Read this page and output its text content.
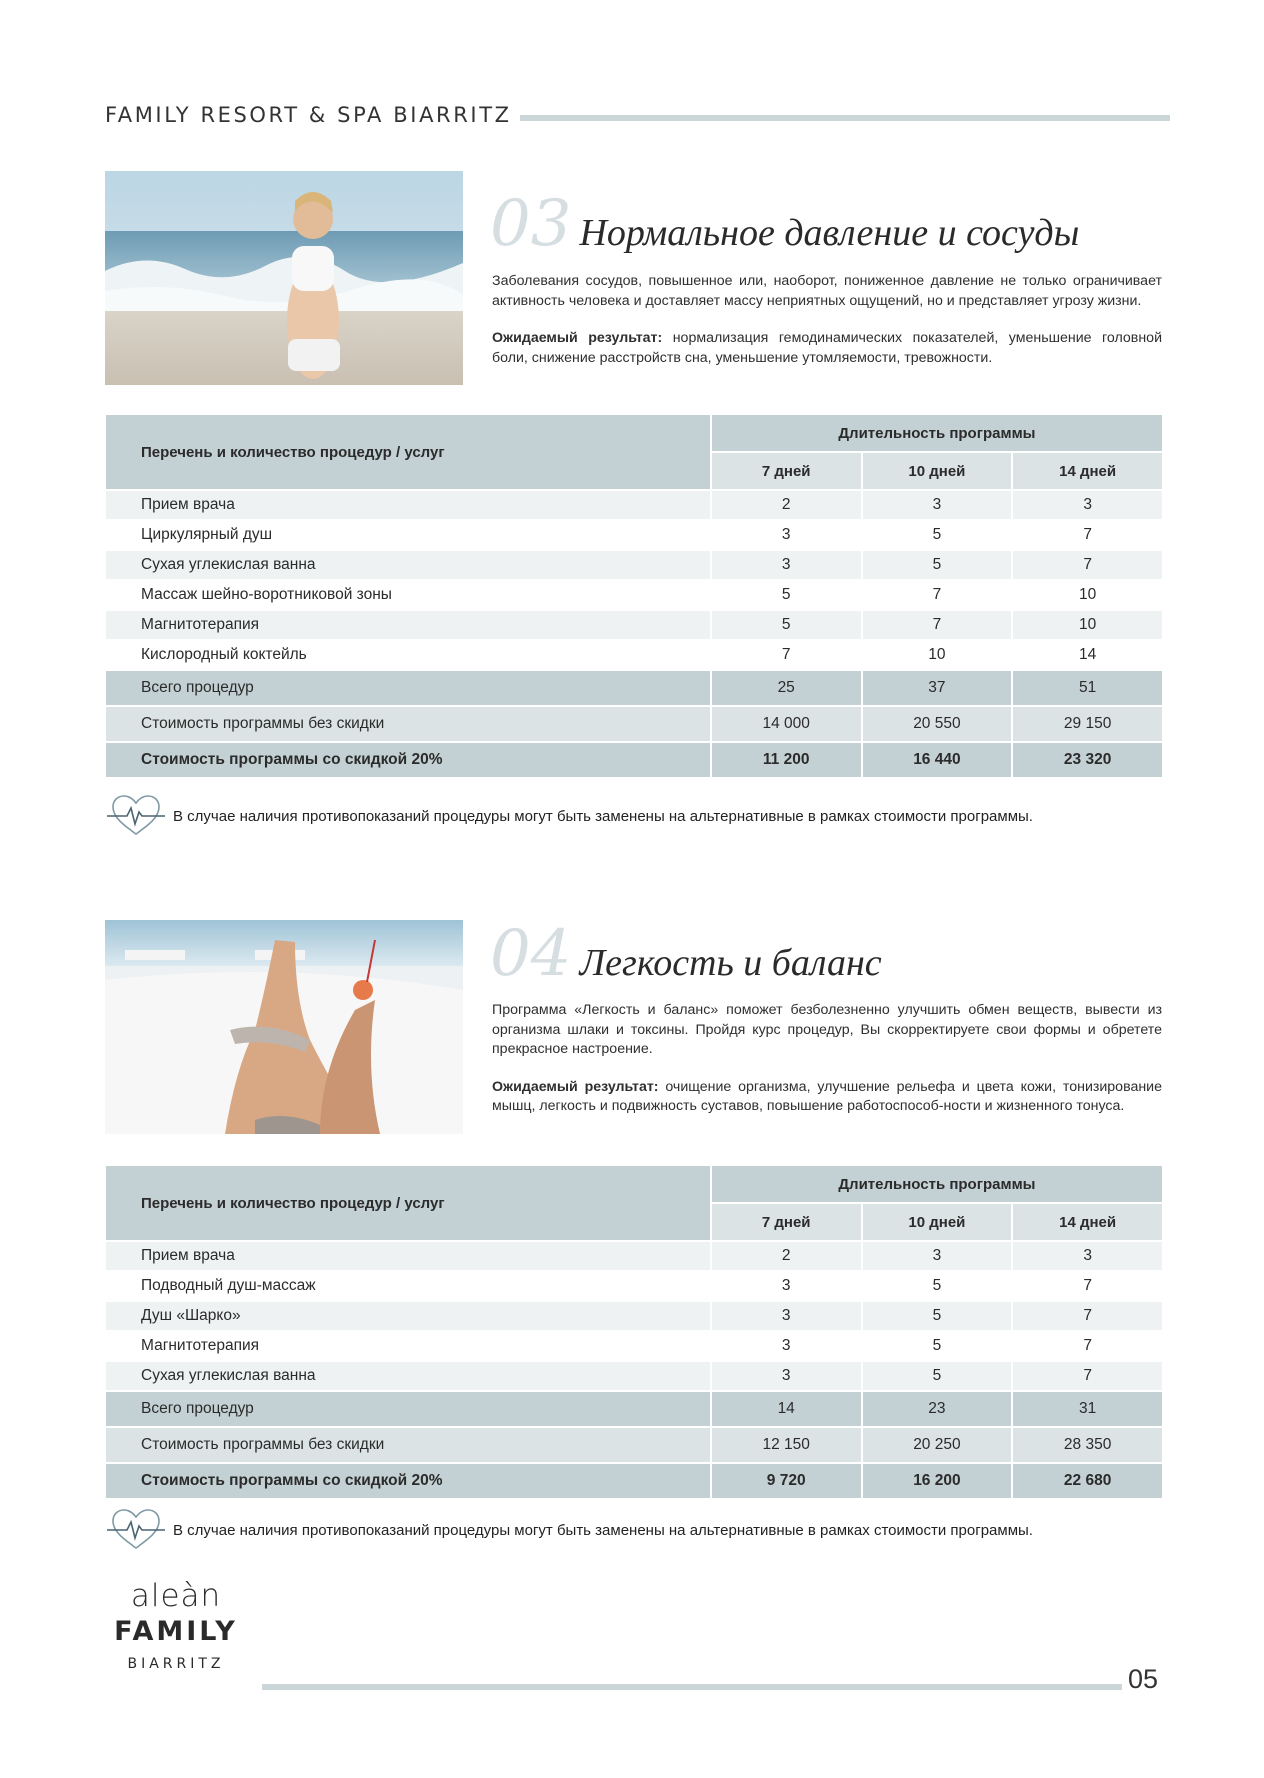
FAMILY RESORT & SPA BIARRITZ
03 Нормальное давление и сосуды

Заболевания сосудов, повышенное или, наоборот, пониженное давление не только ограничивает активность человека и доставляет массу неприятных ощущений, но и представляет угрозу жизни.

Ожидаемый результат: нормализация гемодинамических показателей, уменьшение головной боли, снижение расстройств сна, уменьшение утомляемости, тревожности.

Перечень и количество процедур / услуг	Длительность программы		
	7 дней	10 дней	14 дней
Прием врача	2	3	3
Циркулярный душ	3	5	7
Сухая углекислая ванна	3	5	7
Массаж шейно-воротниковой зоны	5	7	10
Магнитотерапия	5	7	10
Кислородный коктейль	7	10	14
Всего процедур	25	37	51
Стоимость программы без скидки	14 000	20 550	29 150
Стоимость программы со скидкой 20%	11 200	16 440	23 320
В случае наличия противопоказаний процедуры могут быть заменены на альтернативные в рамках стоимости программы.
04 Легкость и баланс

Программа «Легкость и баланс» поможет безболезненно улучшить обмен веществ, вывести из организма шлаки и токсины. Пройдя курс процедур, Вы скорректируете свои формы и обретете прекрасное настроение.

Ожидаемый результат: очищение организма, улучшение рельефа и цвета кожи, тонизирование мышц, легкость и подвижность суставов, повышение работоспособ-ности и жизненного тонуса.

Перечень и количество процедур / услуг	Длительность программы		
	7 дней	10 дней	14 дней
Прием врача	2	3	3
Подводный душ-массаж	3	5	7
Душ «Шарко»	3	5	7
Магнитотерапия	3	5	7
Сухая углекислая ванна	3	5	7
Всего процедур	14	23	31
Стоимость программы без скидки	12 150	20 250	28 350
Стоимость программы со скидкой 20%	9 720	16 200	22 680
В случае наличия противопоказаний процедуры могут быть заменены на альтернативные в рамках стоимости программы.
aleàn
FAMILY
BIARRITZ	05
